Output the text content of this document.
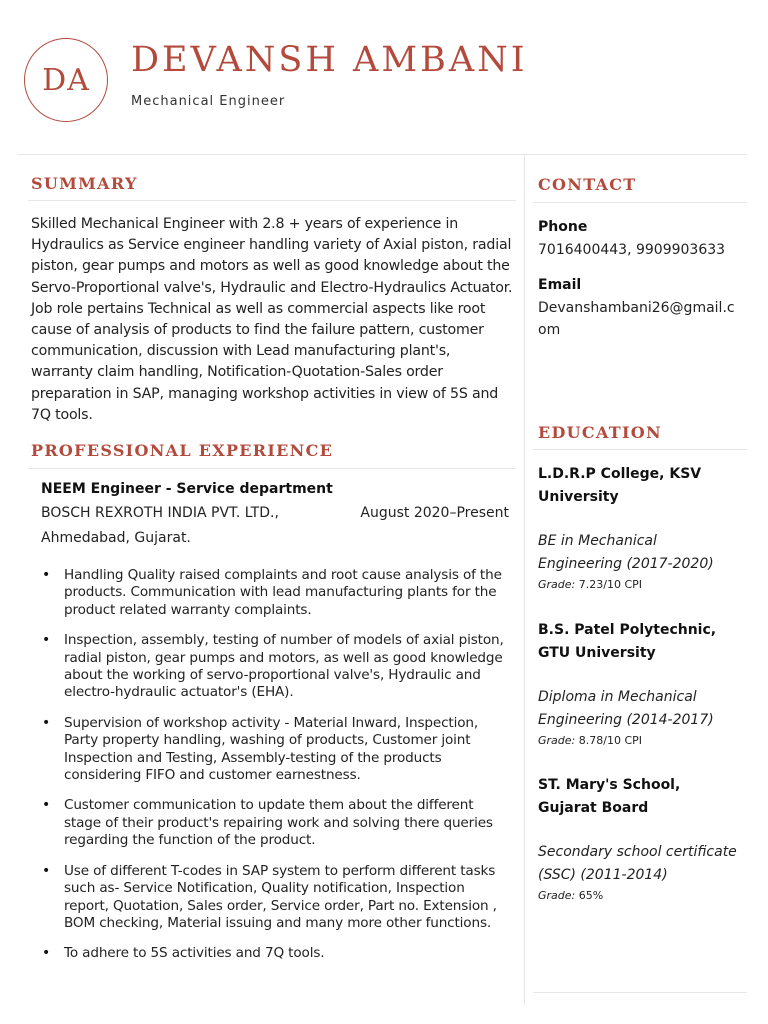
DA	DEVANSH AMBANI
Mechanical Engineer
SUMMARY

Skilled Mechanical Engineer with 2.8 + years of experience in Hydraulics as Service engineer handling variety of Axial piston, radial piston, gear pumps and motors as well as good knowledge about the Servo-Proportional valve's, Hydraulic and Electro-Hydraulics Actuator. Job role pertains Technical as well as commercial aspects like root cause of analysis of products to find the failure pattern, customer communication, discussion with Lead manufacturing plant's, warranty claim handling, Notification-Quotation-Sales order preparation in SAP, managing workshop activities in view of 5S and 7Q tools.

PROFESSIONAL EXPERIENCE
NEEM Engineer - Service department
BOSCH REXROTH INDIA PVT. LTD.,	August 2020–Present
Ahmedabad, Gujarat.
• Handling Quality raised complaints and root cause analysis of the products. Communication with lead manufacturing plants for the product related warranty complaints.
• Inspection, assembly, testing of number of models of axial piston, radial piston, gear pumps and motors, as well as good knowledge about the working of servo-proportional valve's, Hydraulic and electro-hydraulic actuator's (EHA).
• Supervision of workshop activity - Material Inward, Inspection, Party property handling, washing of products, Customer joint Inspection and Testing, Assembly-testing of the products considering FIFO and customer earnestness.
• Customer communication to update them about the different stage of their product's repairing work and solving there queries regarding the function of the product.
• Use of different T-codes in SAP system to perform different tasks such as- Service Notification, Quality notification, Inspection report, Quotation, Sales order, Service order, Part no. Extension , BOM checking, Material issuing and many more other functions.
• To adhere to 5S activities and 7Q tools.
CONTACT
Phone
7016400443, 9909903633
Email
Devanshambani26@gmail.com
EDUCATION
L.D.R.P College, KSV University
BE in Mechanical Engineering (2017-2020)
Grade: 7.23/10 CPI
B.S. Patel Polytechnic, GTU University
Diploma in Mechanical Engineering (2014-2017)
Grade: 8.78/10 CPI
ST. Mary's School, Gujarat Board
Secondary school certificate (SSC) (2011-2014)
Grade: 65%
